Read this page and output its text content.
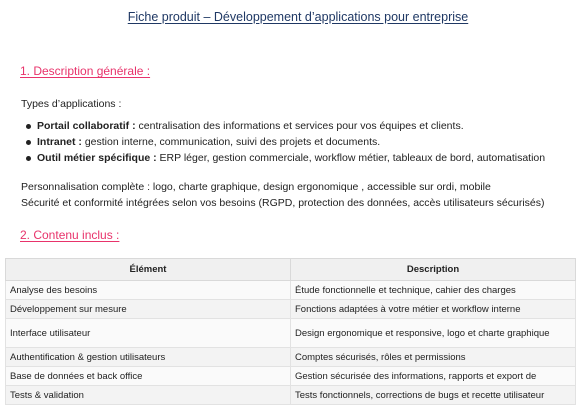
Fiche produit – Développement d’applications pour entreprise
1. Description générale :
Types d’applications :
Portail collaboratif : centralisation des informations et services pour vos équipes et clients.
Intranet : gestion interne, communication, suivi des projets et documents.
Outil métier spécifique : ERP léger, gestion commerciale, workflow métier, tableaux de bord, automatisation
Personnalisation complète : logo, charte graphique, design ergonomique , accessible sur ordi, mobile
Sécurité et conformité intégrées selon vos besoins (RGPD, protection des données, accès utilisateurs sécurisés)
2. Contenu inclus :
Élément	Description
Analyse des besoins	Étude fonctionnelle et technique, cahier des charges
Développement sur mesure	Fonctions adaptées à votre métier et workflow interne
Interface utilisateur	Design ergonomique et responsive, logo et charte graphique
Authentification & gestion utilisateurs	Comptes sécurisés, rôles et permissions
Base de données et back office	Gestion sécurisée des informations, rapports et export de
Tests & validation	Tests fonctionnels, corrections de bugs et recette utilisateur
